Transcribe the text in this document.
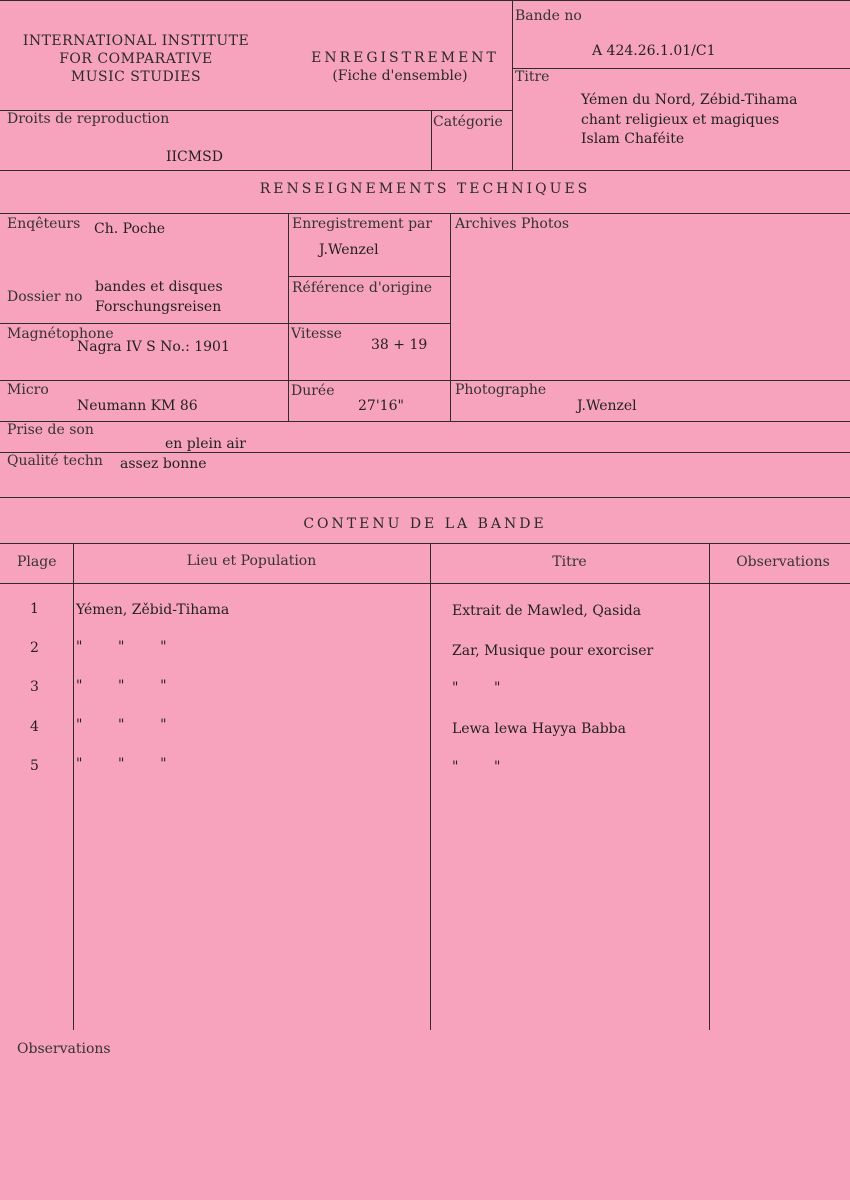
INTERNATIONAL INSTITUTE
FOR COMPARATIVE
MUSIC STUDIES
ENREGISTREMENT
(Fiche d'ensemble)
Bande no
A 424.26.1.01/C1
Titre
Yémen du Nord, Zébid-Tihama
chant religieux et magiques
Islam Chaféite
Droits de reproduction
IICMSD
Catégorie
RENSEIGNEMENTS TECHNIQUES
Enqêteurs Ch. Poche	Enregistrement par
J.Wenzel
Archives Photos
Dossier no
bandes et disques
Forschungsreisen
Référence d'origine
Magnétophone
Nagra IV S No.: 1901
Vitesse
38 + 19
Micro
Neumann KM 86
Durée
27'16"
Photographe
J.Wenzel
Prise de son
en plein air
Qualité techn assez bonne
CONTENU DE LA BANDE
Plage	Lieu et Population	Titre	Observations
1	Yémen, Zěbid-Tihama	Extrait de Mawled, Qasida
2	"        "        "	Zar, Musique pour exorciser
3	"        "        "	"        "
4	"        "        "	Lewa lewa Hayya Babba
5	"        "        "	"        "
Observations
